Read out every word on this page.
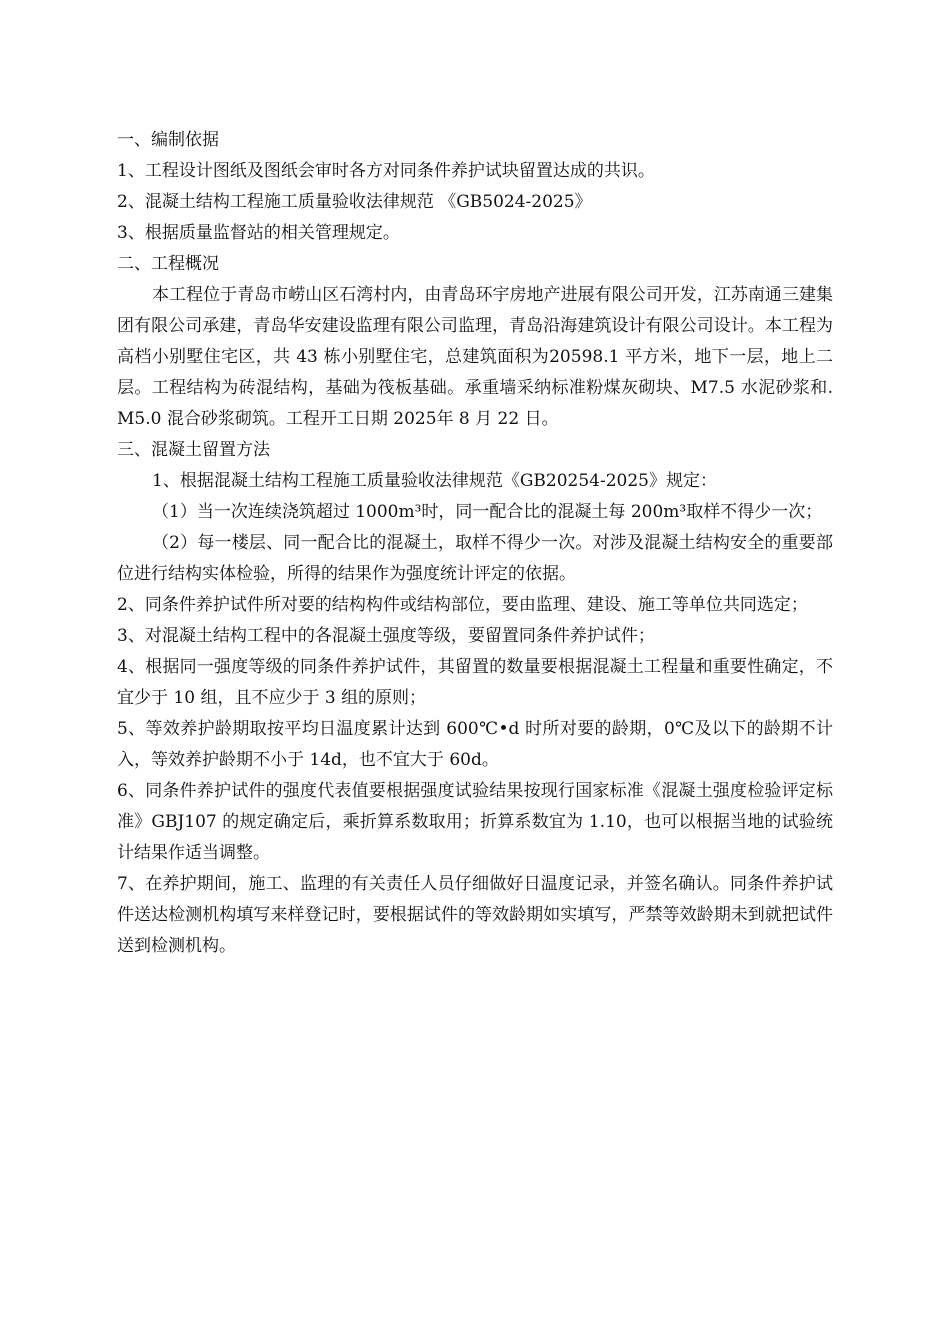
一、编制依据

1、工程设计图纸及图纸会审时各方对同条件养护试块留置达成的共识。

2、混凝土结构工程施工质量验收法律规范 《GB5024-2025》

3、根据质量监督站的相关管理规定。

二、工程概况

本工程位于青岛市崂山区石湾村内，由青岛环宇房地产进展有限公司开发，江苏南通三建集团有限公司承建，青岛华安建设监理有限公司监理，青岛沿海建筑设计有限公司设计。本工程为高档小别墅住宅区，共 43 栋小别墅住宅，总建筑面积为20598.1 平方米，地下一层，地上二层。工程结构为砖混结构，基础为筏板基础。承重墙采纳标准粉煤灰砌块、M7.5 水泥砂浆和.M5.0 混合砂浆砌筑。工程开工日期 2025年 8 月 22 日。

三、混凝土留置方法

1、根据混凝土结构工程施工质量验收法律规范《GB20254-2025》规定：

（1）当一次连续浇筑超过 1000m³时，同一配合比的混凝土每 200m³取样不得少一次；

（2）每一楼层、同一配合比的混凝土，取样不得少一次。对涉及混凝土结构安全的重要部位进行结构实体检验，所得的结果作为强度统计评定的依据。

2、同条件养护试件所对要的结构构件或结构部位，要由监理、建设、施工等单位共同选定；

3、对混凝土结构工程中的各混凝土强度等级，要留置同条件养护试件；

4、根据同一强度等级的同条件养护试件，其留置的数量要根据混凝土工程量和重要性确定，不宜少于 10 组，且不应少于 3 组的原则；

5、等效养护龄期取按平均日温度累计达到 600℃•d 时所对要的龄期，0℃及以下的龄期不计入，等效养护龄期不小于 14d，也不宜大于 60d。

6、同条件养护试件的强度代表值要根据强度试验结果按现行国家标准《混凝土强度检验评定标准》GBJ107 的规定确定后，乘折算系数取用；折算系数宜为 1.10，也可以根据当地的试验统计结果作适当调整。

7、在养护期间，施工、监理的有关责任人员仔细做好日温度记录，并签名确认。同条件养护试件送达检测机构填写来样登记时，要根据试件的等效龄期如实填写，严禁等效龄期未到就把试件送到检测机构。
